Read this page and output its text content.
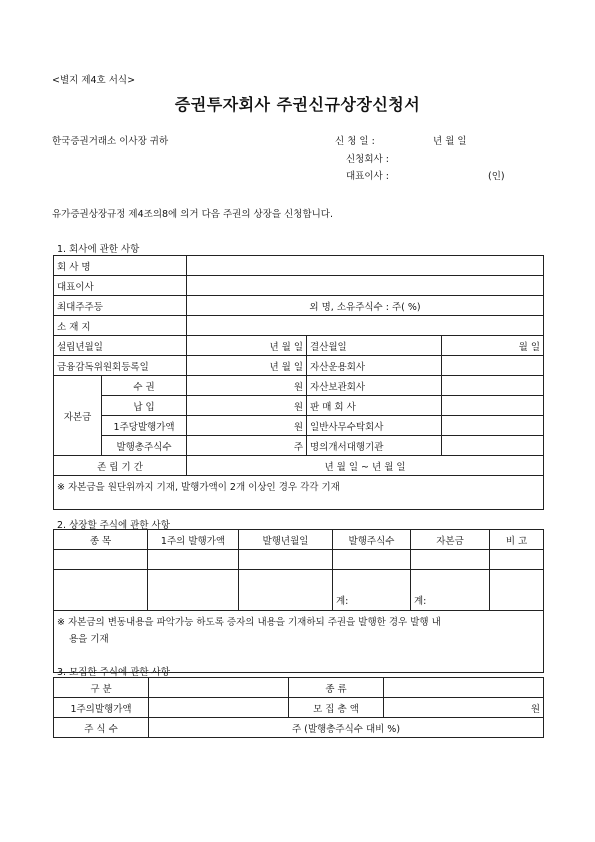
<별지 제4호 서식>
증권투자회사 주권신규상장신청서
한국증권거래소 이사장 귀하	신 청 일 :	년 월 일
신청회사 :
대표이사 :	(인)
유가증권상장규정 제4조의8에 의거 다음 주권의 상장을 신청합니다.
1. 회사에 관한 사항
회 사 명				
대표이사				
최대주주등		외 명, 소유주식수 : 주( %)		
소 재 지				
설립년월일		년 월 일	결산월일	월 일
금융감독위원회등록일		년 월 일	자산운용회사	
자본금	수 권	원	자산보관회사	
	납 입	원	판 매 회 사	
	1주당발행가액	원	일반사무수탁회사	
	발행총주식수	주	명의개서대행기관	
존 립 기 간		년 월 일 ~ 년 월 일		
※ 자본금을 원단위까지 기재, 발행가액이 2개 이상인 경우 각각 기재				
2. 상장할 주식에 관한 사항
종 목	1주의 발행가액	발행년월일	발행주식수	자본금	비 고

			계:	계:	

※ 자본금의 변동내용을 파악가능 하도록 증자의 내용을 기재하되 주권을 발행한 경우 발행 내
용을 기재					
3. 모집한 주식에 관한 사항
구 분		종 류	
1주의발행가액		모 집 총 액	원
주 식 수	주 (발행총주식수 대비 %)		
